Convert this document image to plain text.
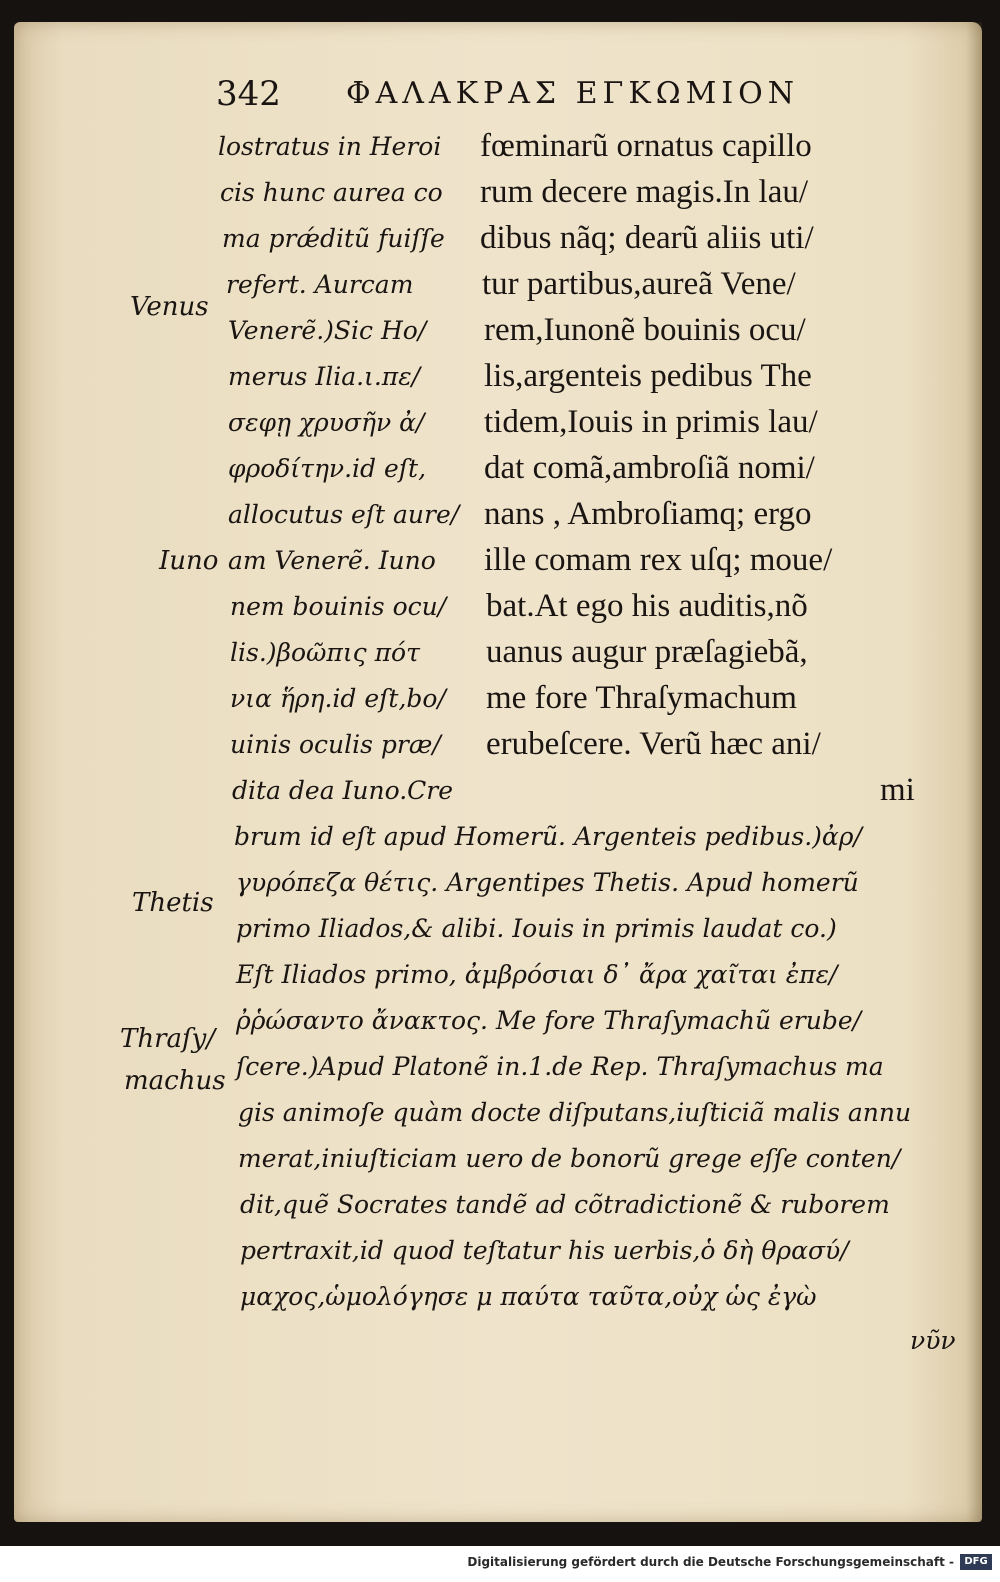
342 ΦΑΛΑΚΡΑΣ ΕΓΚΩΜΙΟΝ
Venus
Iuno
Thetis
Thraſy/
machus
lostratus in Heroi
cis hunc aurea co
ma prǽditũ fuiſſe
refert. Aurcam
Venerẽ.)Sic Ho/
merus Ilia.ι.πε/
σεφῃ χρυσῆν ἀ/
φροδίτην.id eſt,
allocutus eſt aure/
am Venerẽ. Iuno
nem bouinis ocu/
lis.)βοῶπις πότ
νια ἥρη.id eſt,bo/
uinis oculis præ/
dita dea Iuno.Cre
fœminarũ ornatus capillo
rum decere magis.In lau/
dibus nãq; dearũ aliis uti/
tur partibus,aureã Vene/
rem,Iunonẽ bouinis ocu/
lis,argenteis pedibus The
tidem,Iouis in primis lau/
dat comã,ambroſiã nomi/
nans , Ambroſiamq; ergo
ille comam rex uſq; moue/
bat.At ego his auditis,nõ
uanus augur præſagiebã,
me fore Thraſymachum
erubeſcere. Verũ hæc ani/
mi
brum id eſt apud Homerũ. Argenteis pedibus.)ἀρ/
γυρόπεζα θέτις. Argentipes Thetis. Apud homerũ
primo Iliados,& alibi. Iouis in primis laudat co.)
Eſt Iliados primo, ἀμβρόσιαι δ᾽ ἄρα χαῖται ἐπε/
ῤῥώσαντο ἄνακτος. Me fore Thraſymachũ erube/
ſcere.)Apud Platonẽ in.1.de Rep. Thraſymachus ma
gis animoſe quàm docte diſputans,iuſticiã malis annu
merat,iniuſticiam uero de bonorũ grege eſſe conten/
dit,quẽ Socrates tandẽ ad cõtradictionẽ & ruborem
pertraxit,id quod teſtatur his uerbis,ὁ δὴ θρασύ/
μαχος,ὡμολόγησε μ παύτα ταῦτα,οὐχ ὡς ἐγὼ
νῦν
Digitalisierung gefördert durch die Deutsche Forschungsgemeinschaft -	DFG
